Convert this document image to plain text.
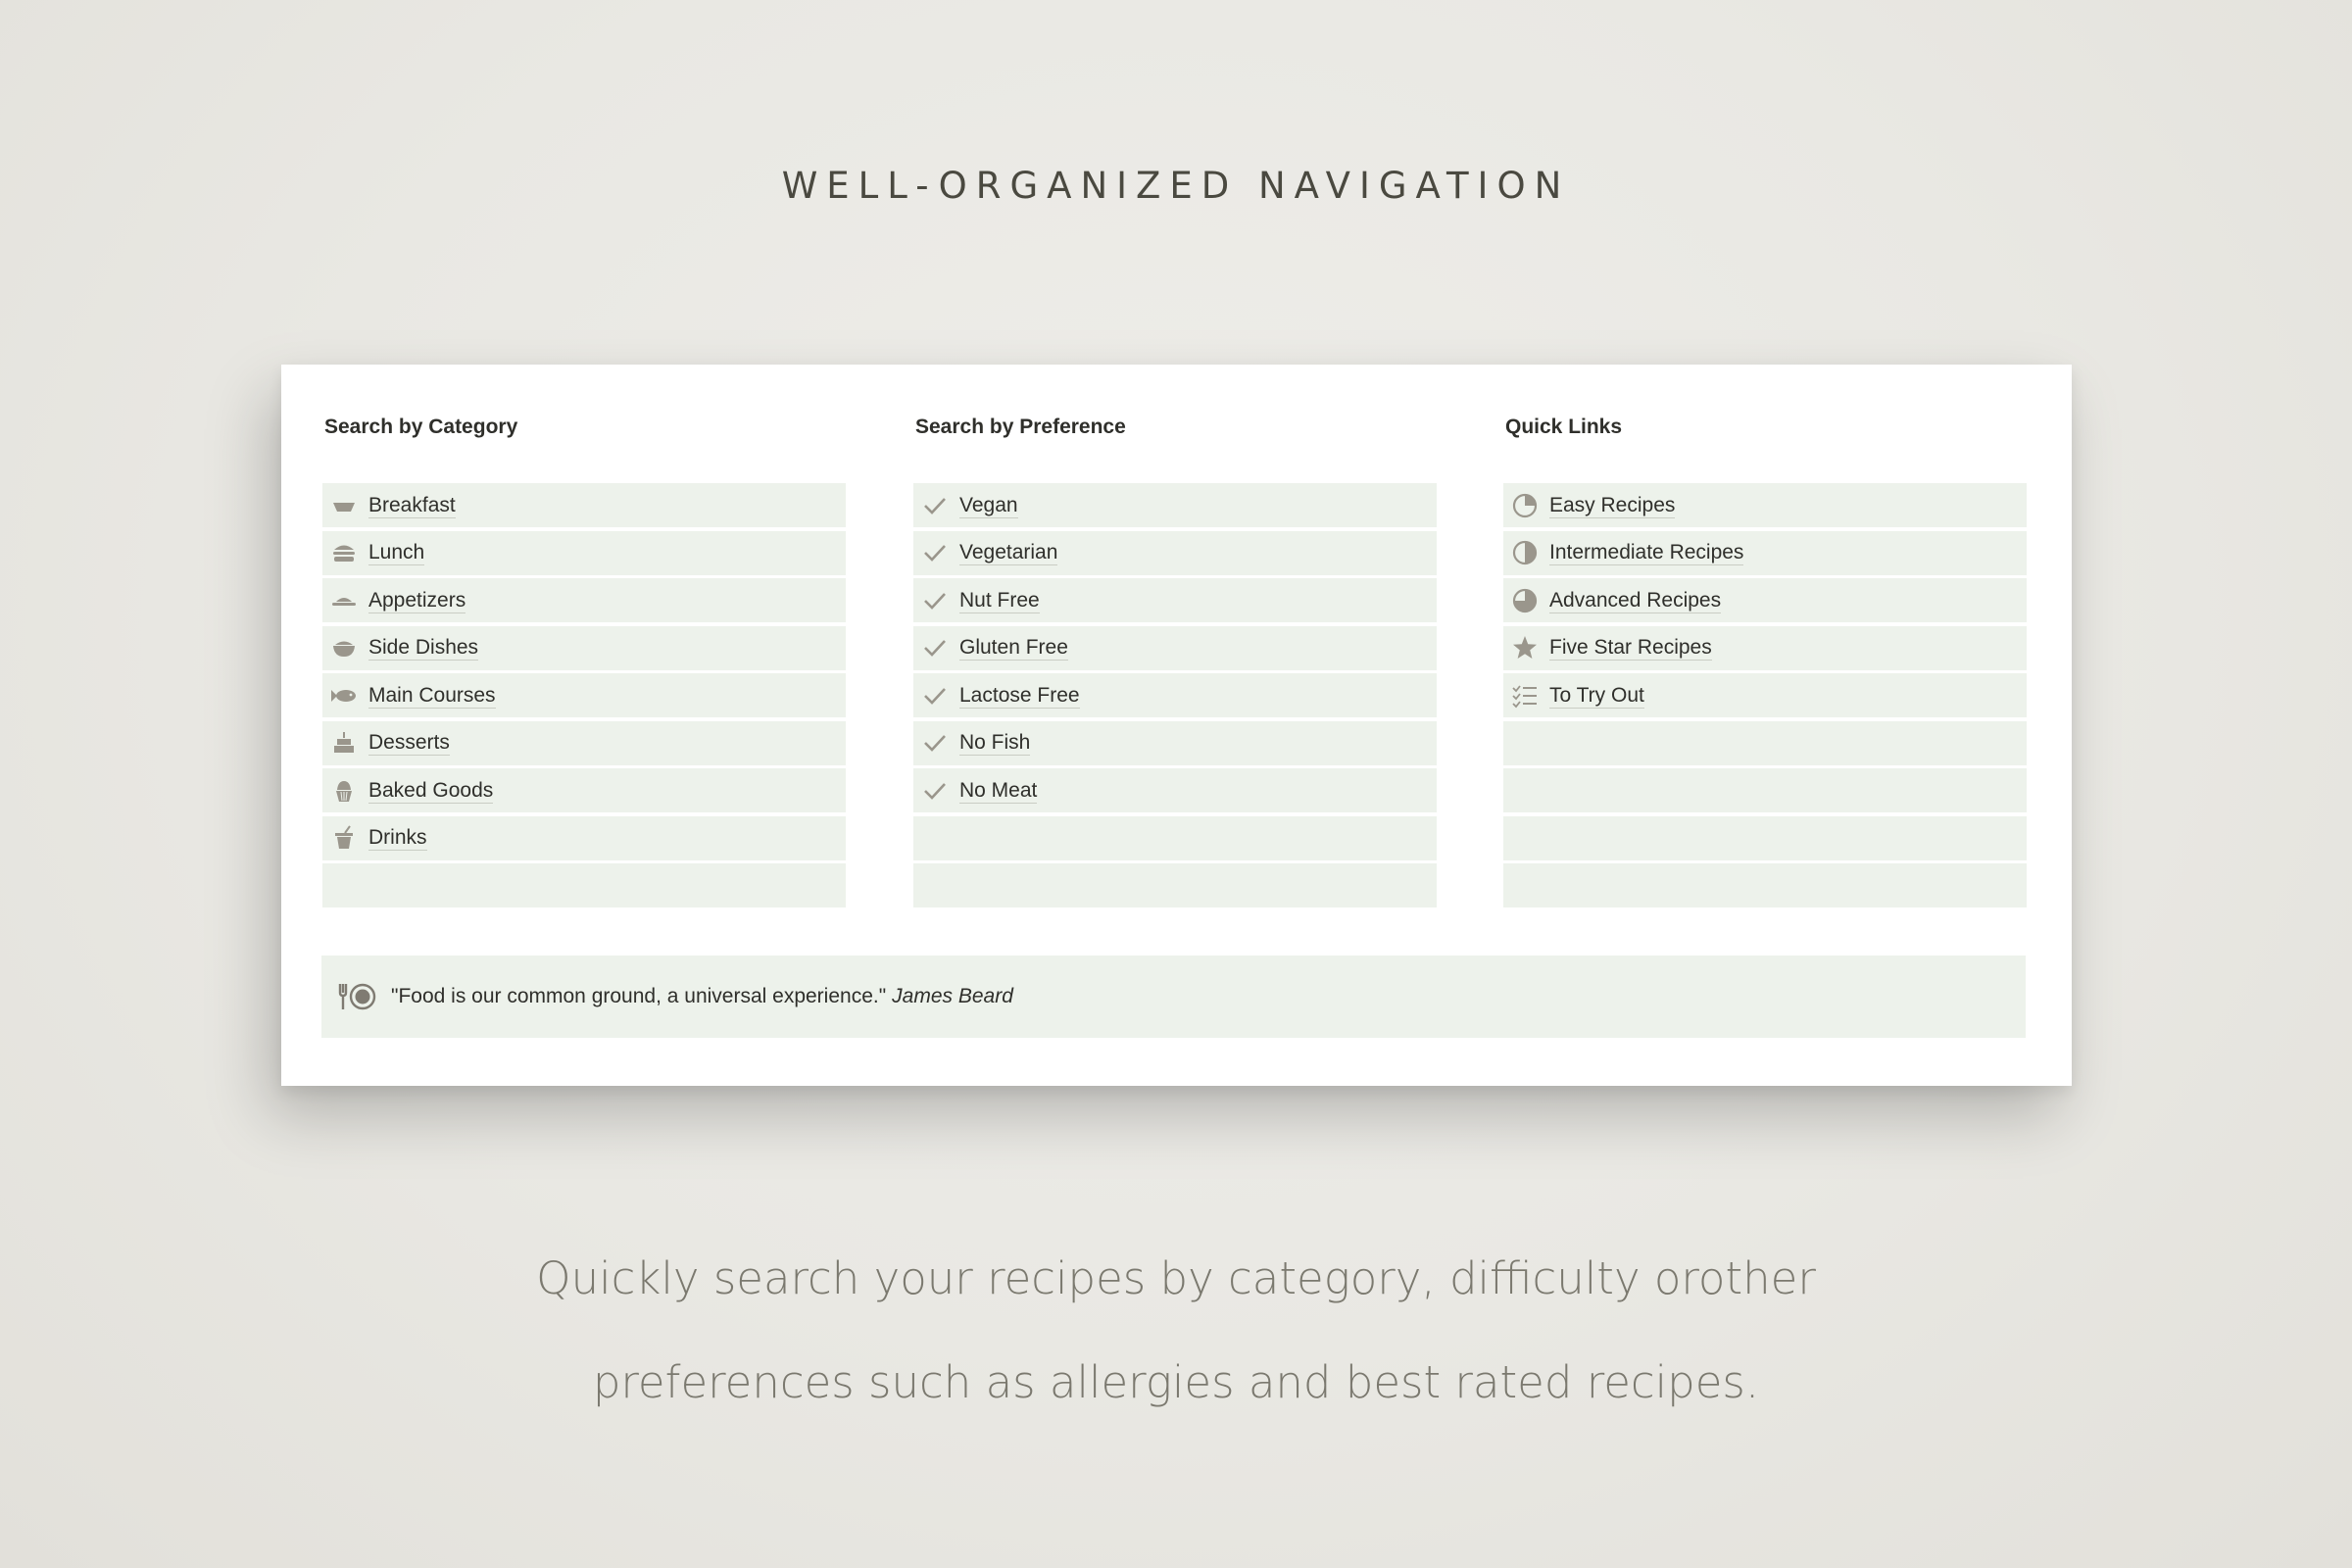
WELL-ORGANIZED NAVIGATION
Search by Category
Breakfast
Lunch
Appetizers
Side Dishes
Main Courses
Desserts
Baked Goods
Drinks
Search by Preference
Vegan
Vegetarian
Nut Free
Gluten Free
Lactose Free
No Fish
No Meat
Quick Links
Easy Recipes
Intermediate Recipes
Advanced Recipes
Five Star Recipes
To Try Out
"Food is our common ground, a universal experience." James Beard
Quickly search your recipes by category, difficulty orother
preferences such as allergies and best rated recipes.
